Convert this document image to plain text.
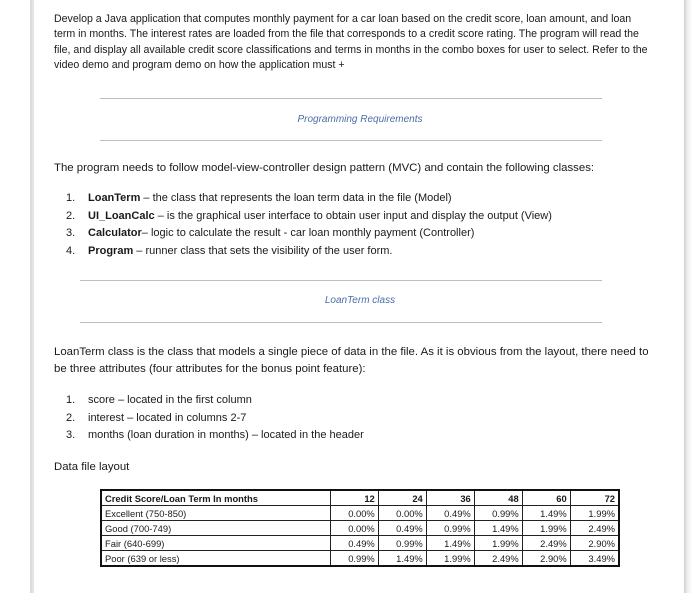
Develop a Java application that computes monthly payment for a car loan based on the credit score, loan amount, and loan term in months. The interest rates are loaded from the file that corresponds to a credit score rating. The program will read the file, and display all available credit score classifications and terms in months in the combo boxes for user to select. Refer to the video demo and program demo on how the application must +

Programming Requirements

The program needs to follow model-view-controller design pattern (MVC) and contain the following classes:

1.	LoanTerm – the class that represents the loan term data in the file (Model)
2.	UI_LoanCalc – is the graphical user interface to obtain user input and display the output (View)
3.	Calculator– logic to calculate the result - car loan monthly payment (Controller)
4.	Program – runner class that sets the visibility of the user form.

LoanTerm class

LoanTerm class is the class that models a single piece of data in the file. As it is obvious from the layout, there need to be three attributes (four attributes for the bonus point feature):

1.	score – located in the first column
2.	interest – located in columns 2-7
3.	months (loan duration in months) – located in the header

Data file layout

Credit Score/Loan Term In months	12	24	36	48	60	72
Excellent (750-850)	0.00%	0.00%	0.49%	0.99%	1.49%	1.99%
Good (700-749)	0.00%	0.49%	0.99%	1.49%	1.99%	2.49%
Fair (640-699)	0.49%	0.99%	1.49%	1.99%	2.49%	2.90%
Poor (639 or less)	0.99%	1.49%	1.99%	2.49%	2.90%	3.49%
